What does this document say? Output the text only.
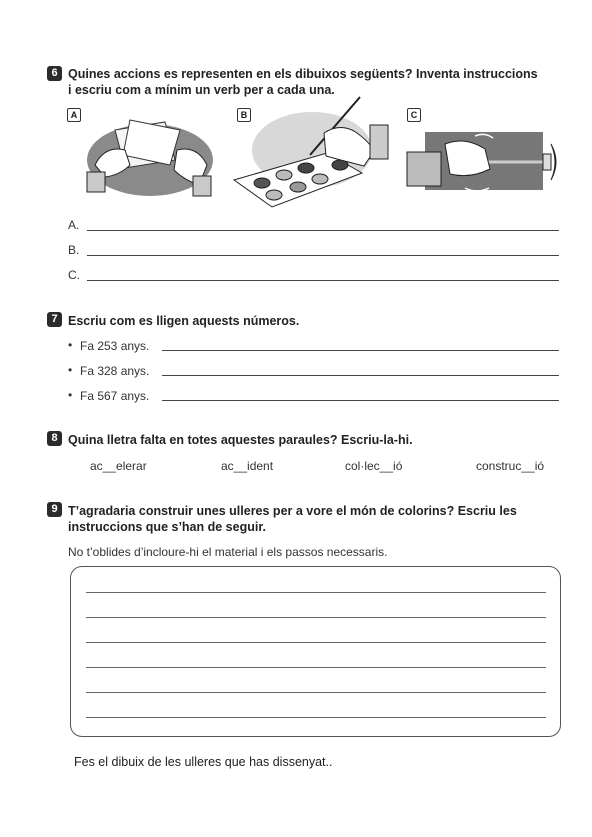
6 Quines accions es representen en els dibuixos següents? Inventa instruccions
i escriu com a mínim un verb per a cada una.
A	B	C
A.
B.
C.
7 Escriu com es lligen aquests números.
• Fa 253 anys.
• Fa 328 anys.
• Fa 567 anys.
8 Quina lletra falta en totes aquestes paraules? Escriu-la-hi.
ac__elerar	ac__ident	col·lec__ió	construc__ió
9 T’agradaria construir unes ulleres per a vore el món de colorins? Escriu les
instruccions que s’han de seguir.
No t’oblides d’incloure-hi el material i els passos necessaris.
Fes el dibuix de les ulleres que has dissenyat..
